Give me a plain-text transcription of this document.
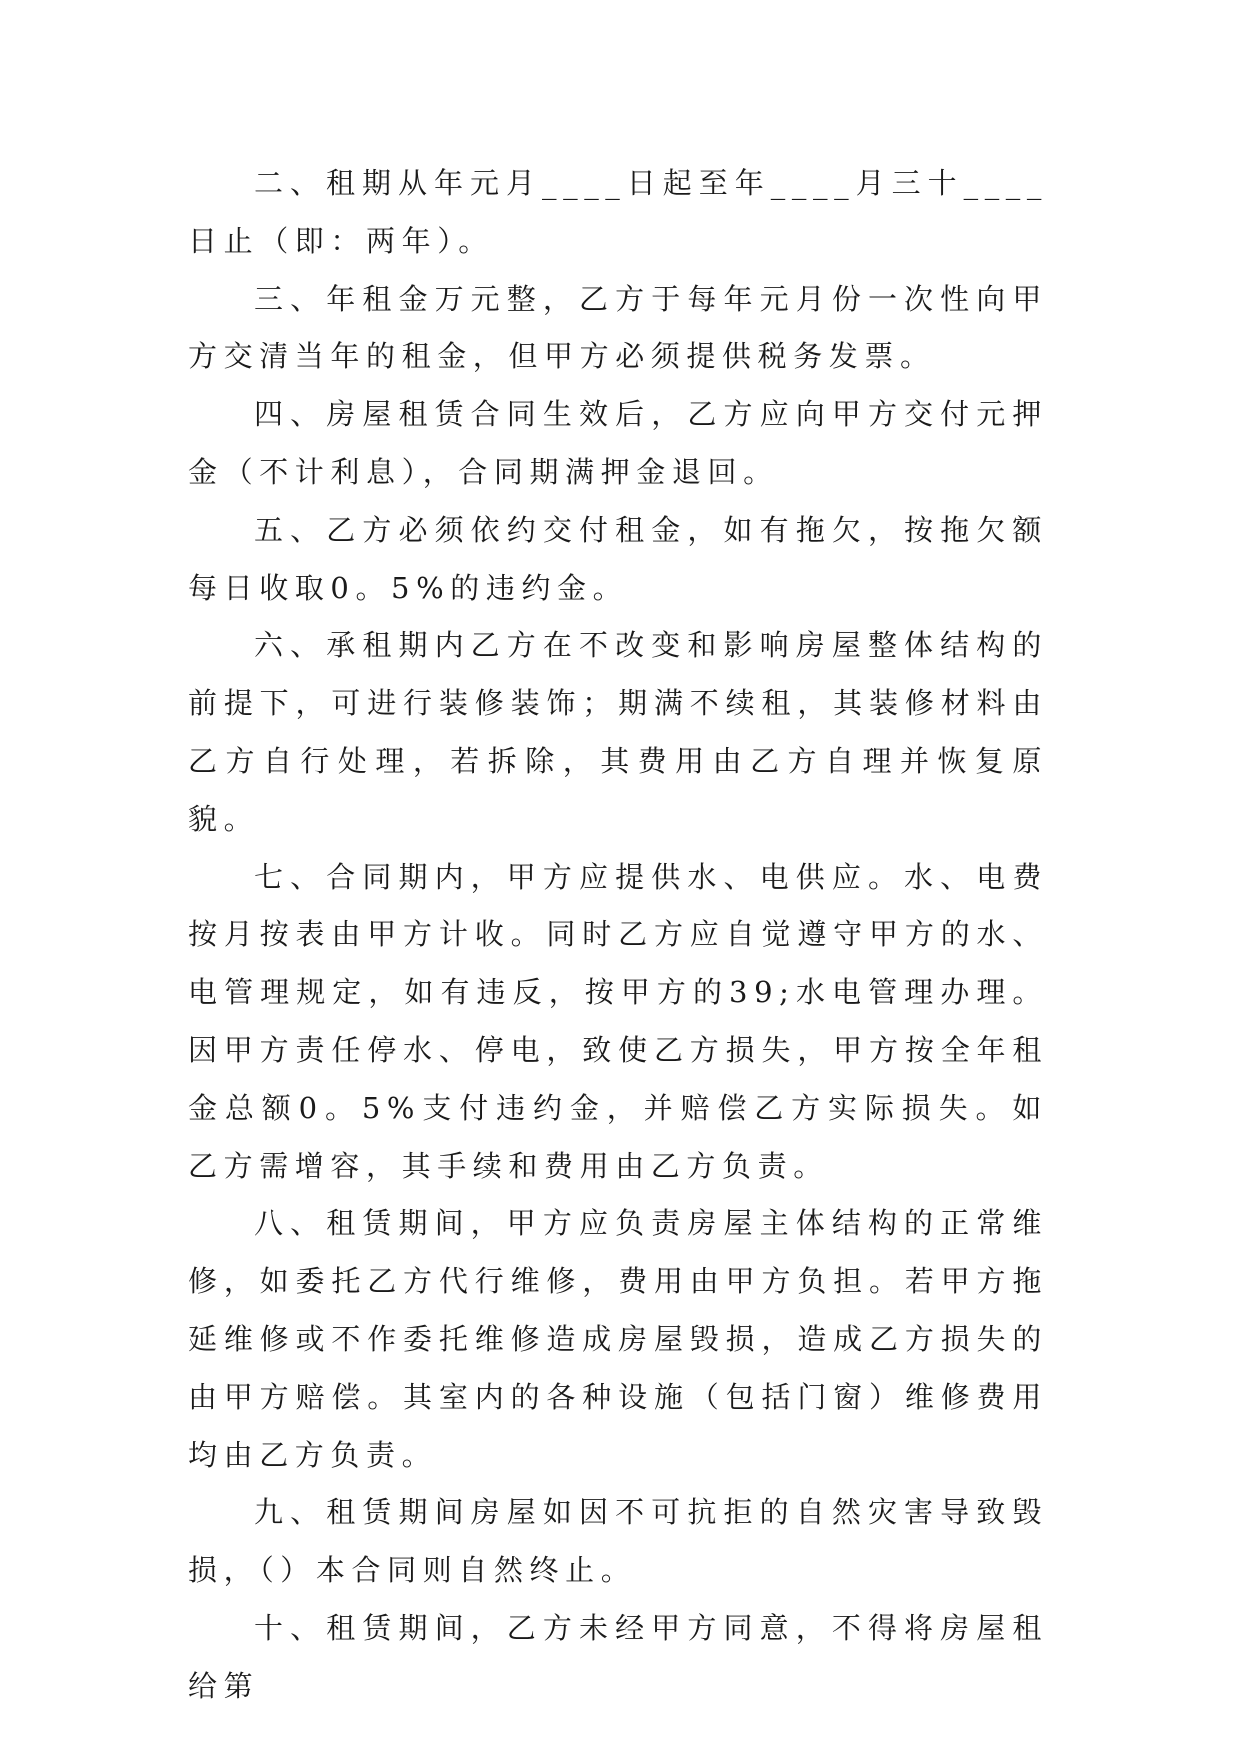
二、租期从年元月____日起至年____月三十____日止（即：两年）。

三、年租金万元整，乙方于每年元月份一次性向甲方交清当年的租金，但甲方必须提供税务发票。

四、房屋租赁合同生效后，乙方应向甲方交付元押金（不计利息），合同期满押金退回。

五、乙方必须依约交付租金，如有拖欠，按拖欠额每日收取0。5%的违约金。

六、承租期内乙方在不改变和影响房屋整体结构的前提下，可进行装修装饰；期满不续租，其装修材料由乙方自行处理，若拆除，其费用由乙方自理并恢复原貌。

七、合同期内，甲方应提供水、电供应。水、电费按月按表由甲方计收。同时乙方应自觉遵守甲方的水、电管理规定，如有违反，按甲方的39;水电管理办理。因甲方责任停水、停电，致使乙方损失，甲方按全年租金总额0。5%支付违约金，并赔偿乙方实际损失。如乙方需增容，其手续和费用由乙方负责。

八、租赁期间，甲方应负责房屋主体结构的正常维修，如委托乙方代行维修，费用由甲方负担。若甲方拖延维修或不作委托维修造成房屋毁损，造成乙方损失的由甲方赔偿。其室内的各种设施（包括门窗）维修费用均由乙方负责。

九、租赁期间房屋如因不可抗拒的自然灾害导致毁损，（）本合同则自然终止。

十、租赁期间，乙方未经甲方同意，不得将房屋租给第
